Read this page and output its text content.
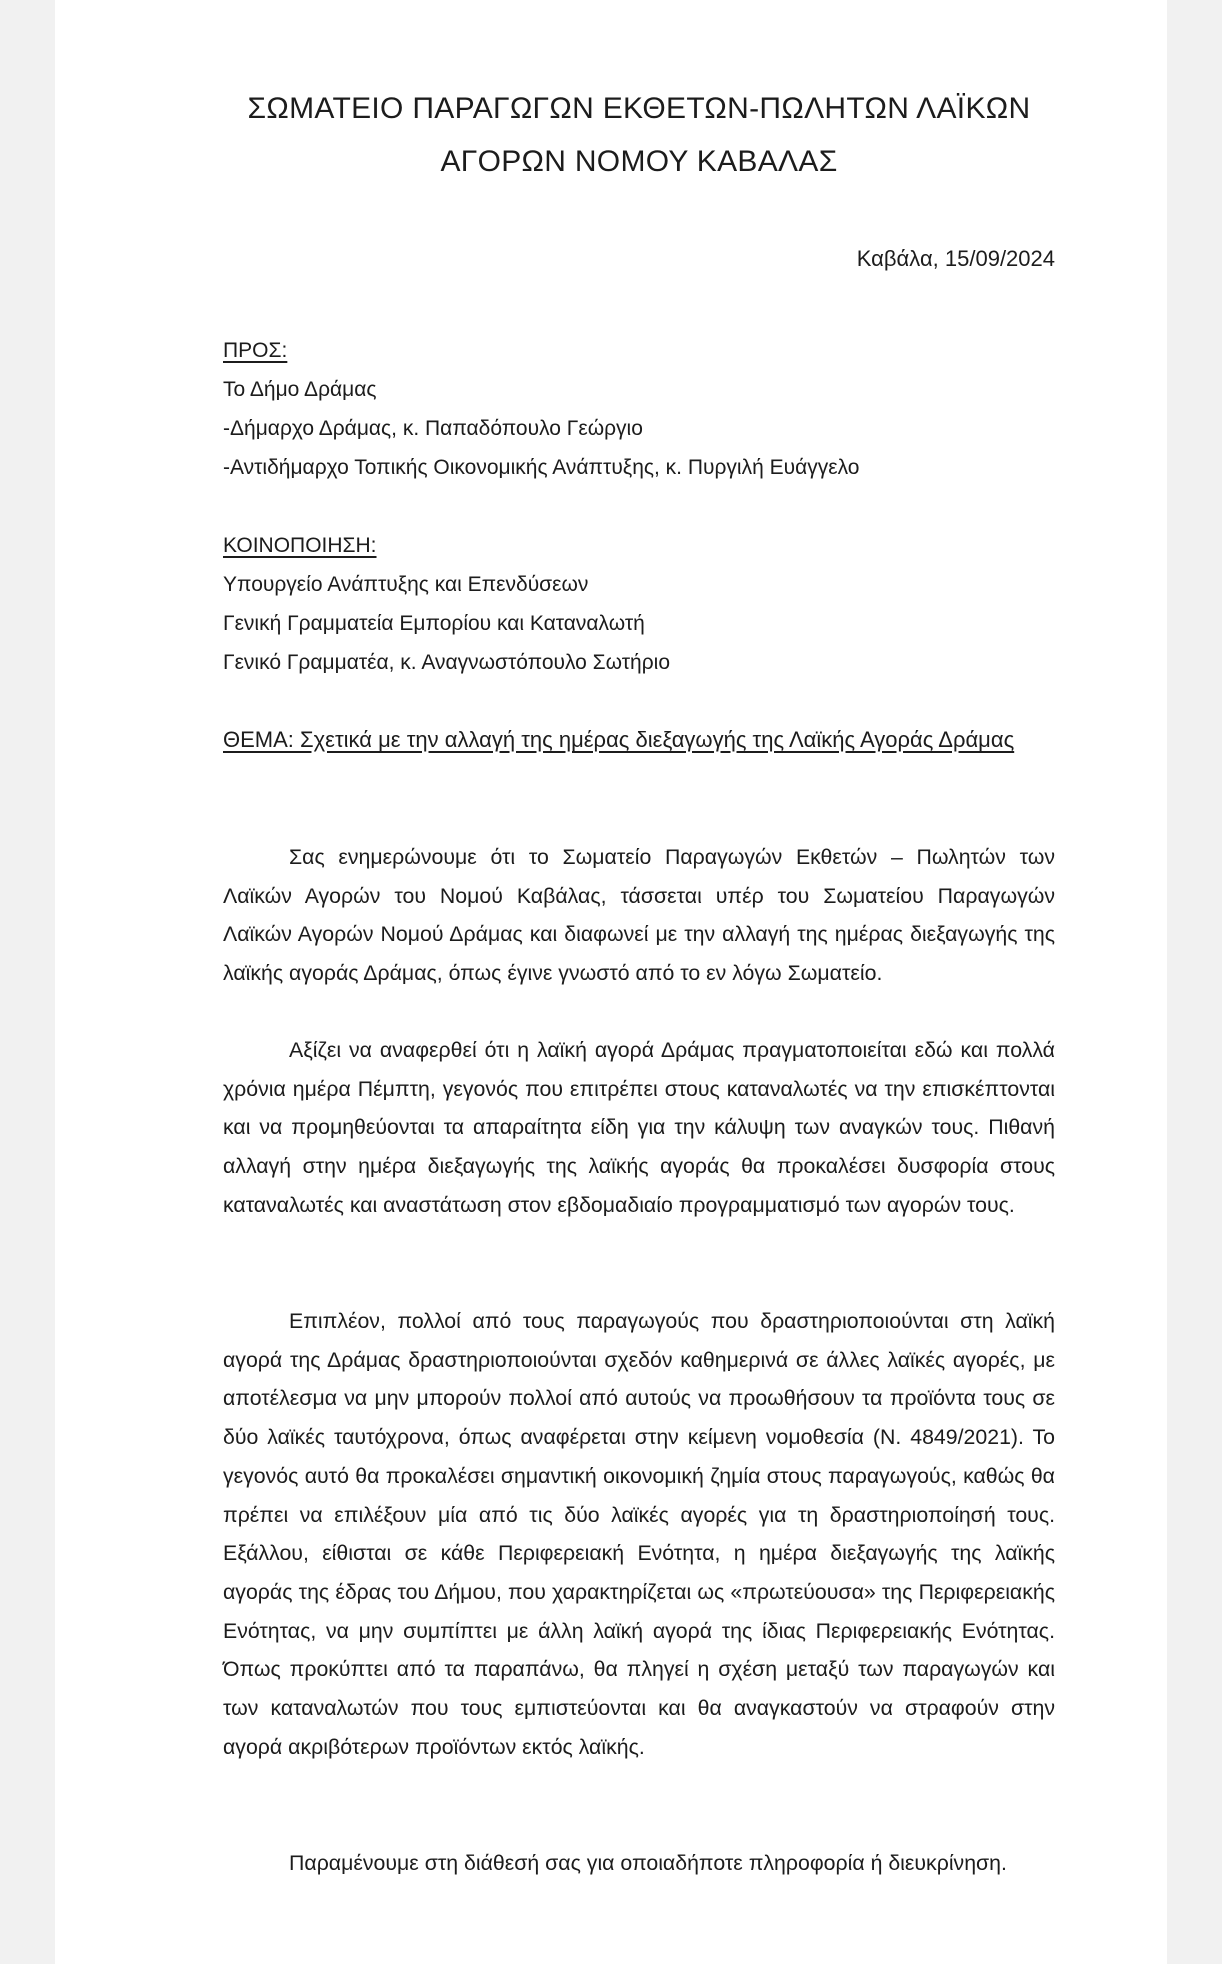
ΣΩΜΑΤΕΙΟ ΠΑΡΑΓΩΓΩΝ ΕΚΘΕΤΩΝ-ΠΩΛΗΤΩΝ ΛΑΪΚΩΝ
ΑΓΟΡΩΝ ΝΟΜΟΥ ΚΑΒΑΛΑΣ
Καβάλα, 15/09/2024
ΠΡΟΣ:
Το Δήμο Δράμας
-Δήμαρχο Δράμας, κ. Παπαδόπουλο Γεώργιο
-Αντιδήμαρχο Τοπικής Οικονομικής Ανάπτυξης, κ. Πυργιλή Ευάγγελο
ΚΟΙΝΟΠΟΙΗΣΗ:
Υπουργείο Ανάπτυξης και Επενδύσεων
Γενική Γραμματεία Εμπορίου και Καταναλωτή
Γενικό Γραμματέα, κ. Αναγνωστόπουλο Σωτήριο
ΘΕΜΑ: Σχετικά με την αλλαγή της ημέρας διεξαγωγής της Λαϊκής Αγοράς Δράμας
Σας ενημερώνουμε ότι το Σωματείο Παραγωγών Εκθετών – Πωλητών των Λαϊκών Αγορών του Νομού Καβάλας, τάσσεται υπέρ του Σωματείου Παραγωγών Λαϊκών Αγορών Νομού Δράμας και διαφωνεί με την αλλαγή της ημέρας διεξαγωγής της λαϊκής αγοράς Δράμας, όπως έγινε γνωστό από το εν λόγω Σωματείο.
Αξίζει να αναφερθεί ότι η λαϊκή αγορά Δράμας πραγματοποιείται εδώ και πολλά χρόνια ημέρα Πέμπτη, γεγονός που επιτρέπει στους καταναλωτές να την επισκέπτονται και να προμηθεύονται τα απαραίτητα είδη για την κάλυψη των αναγκών τους. Πιθανή αλλαγή στην ημέρα διεξαγωγής της λαϊκής αγοράς θα προκαλέσει δυσφορία στους καταναλωτές και αναστάτωση στον εβδομαδιαίο προγραμματισμό των αγορών τους.
Επιπλέον, πολλοί από τους παραγωγούς που δραστηριοποιούνται στη λαϊκή αγορά της Δράμας δραστηριοποιούνται σχεδόν καθημερινά σε άλλες λαϊκές αγορές, με αποτέλεσμα να μην μπορούν πολλοί από αυτούς να προωθήσουν τα προϊόντα τους σε δύο λαϊκές ταυτόχρονα, όπως αναφέρεται στην κείμενη νομοθεσία (Ν. 4849/2021). Το γεγονός αυτό θα προκαλέσει σημαντική οικονομική ζημία στους παραγωγούς, καθώς θα πρέπει να επιλέξουν μία από τις δύο λαϊκές αγορές για τη δραστηριοποίησή τους. Εξάλλου, είθισται σε κάθε Περιφερειακή Ενότητα, η ημέρα διεξαγωγής της λαϊκής αγοράς της έδρας του Δήμου, που χαρακτηρίζεται ως «πρωτεύουσα» της Περιφερειακής Ενότητας, να μην συμπίπτει με άλλη λαϊκή αγορά της ίδιας Περιφερειακής Ενότητας. Όπως προκύπτει από τα παραπάνω, θα πληγεί η σχέση μεταξύ των παραγωγών και των καταναλωτών που τους εμπιστεύονται και θα αναγκαστούν να στραφούν στην αγορά ακριβότερων προϊόντων εκτός λαϊκής.
Παραμένουμε στη διάθεσή σας για οποιαδήποτε πληροφορία ή διευκρίνηση.
